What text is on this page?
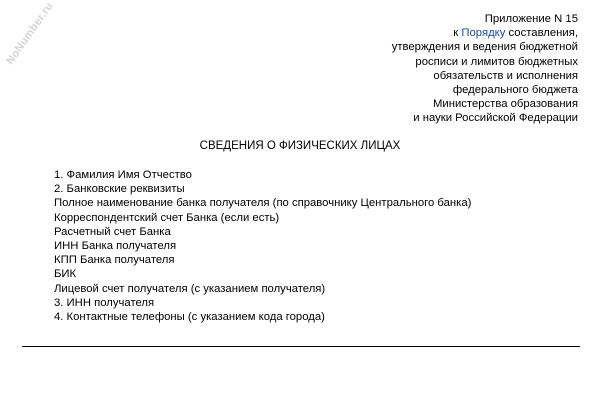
NoNumber.ru	Приложение N 15
к Порядку составления,
утверждения и ведения бюджетной
росписи и лимитов бюджетных
обязательств и исполнения
федерального бюджета
Министерства образования
и науки Российской Федерации
СВЕДЕНИЯ О ФИЗИЧЕСКИХ ЛИЦАХ
1. Фамилия Имя Отчество
2. Банковские реквизиты
Полное наименование банка получателя (по справочнику Центрального банка)
Корреспондентский счет Банка (если есть)
Расчетный счет Банка
ИНН Банка получателя
КПП Банка получателя
БИК
Лицевой счет получателя (с указанием получателя)
3. ИНН получателя
4. Контактные телефоны (с указанием кода города)
